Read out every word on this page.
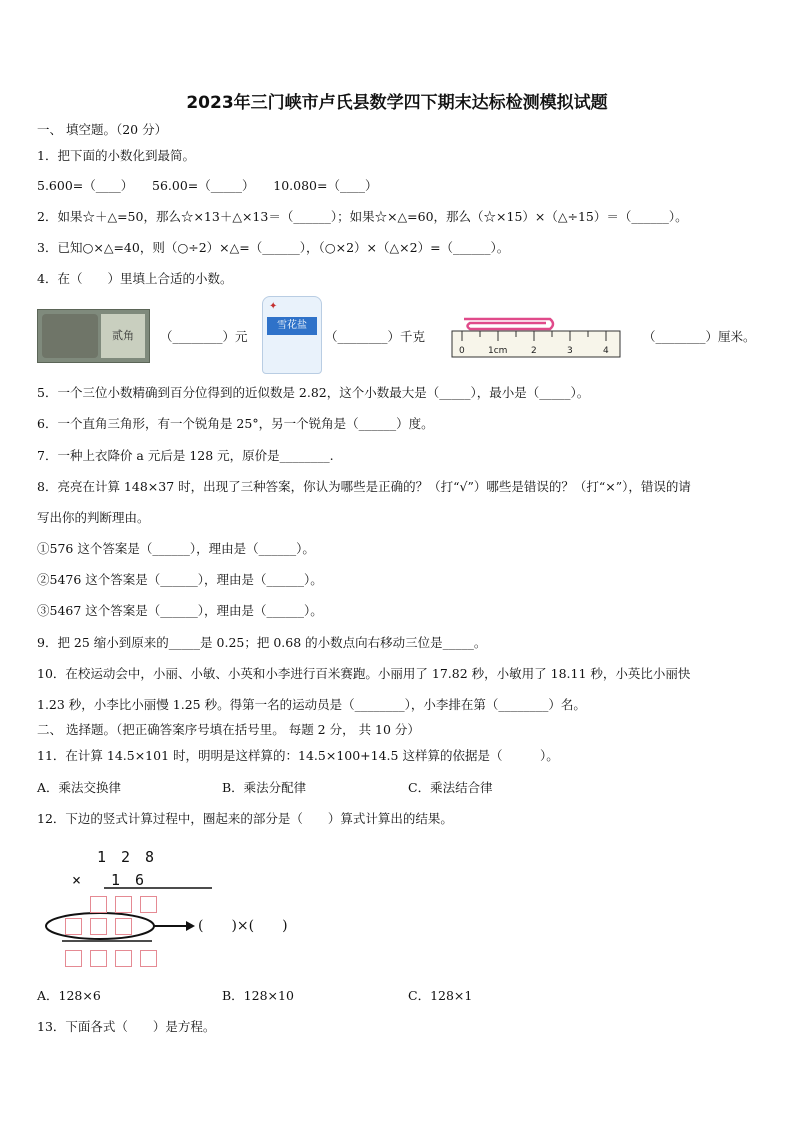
2023年三门峡市卢氏县数学四下期末达标检测模拟试题
一、 填空题。（20 分）
1．把下面的小数化到最简。
5.600=（____）　　56.00=（_____）　　10.080=（____）
2．如果☆＋△=50，那么☆×13＋△×13＝（______）；如果☆×△=60，那么（☆×15）×（△÷15）＝（______）。
3．已知○×△=40，则（○÷2）×△=（______），（○×2）×（△×2）=（______）。
4．在（　　）里填上合适的小数。
贰角	（________）元
✦
雪花盐
（________）千克
0	1cm	2	3	4
（________）厘米。
5．一个三位小数精确到百分位得到的近似数是 2.82，这个小数最大是（_____），最小是（_____）。
6．一个直角三角形，有一个锐角是 25°，另一个锐角是（______）度。
7．一种上衣降价 a 元后是 128 元，原价是________.
8．亮亮在计算 148×37 时，出现了三种答案，你认为哪些是正确的？（打“√”）哪些是错误的？（打“×”），错误的请
写出你的判断理由。
①576 这个答案是（______），理由是（______）。
②5476 这个答案是（______），理由是（______）。
③5467 这个答案是（______），理由是（______）。
9．把 25 缩小到原来的_____是 0.25；把 0.68 的小数点向右移动三位是_____。
10．在校运动会中，小丽、小敏、小英和小李进行百米赛跑。小丽用了 17.82 秒，小敏用了 18.11 秒，小英比小丽快
1.23 秒，小李比小丽慢 1.25 秒。得第一名的运动员是（________），小李排在第（________）名。
二、 选择题。（把正确答案序号填在括号里。 每题 2 分， 共 10 分）
11．在计算 14.5×101 时，明明是这样算的：14.5×100+14.5 这样算的依据是（　　　）。
A．乘法交换律	B．乘法分配律	C．乘法结合律
12．下边的竖式计算过程中，圈起来的部分是（　　）算式计算出的结果。
1　2　8
×　　1　6
(　　)×(　　)
A．128×6	B．128×10	C．128×1
13．下面各式（　　）是方程。
